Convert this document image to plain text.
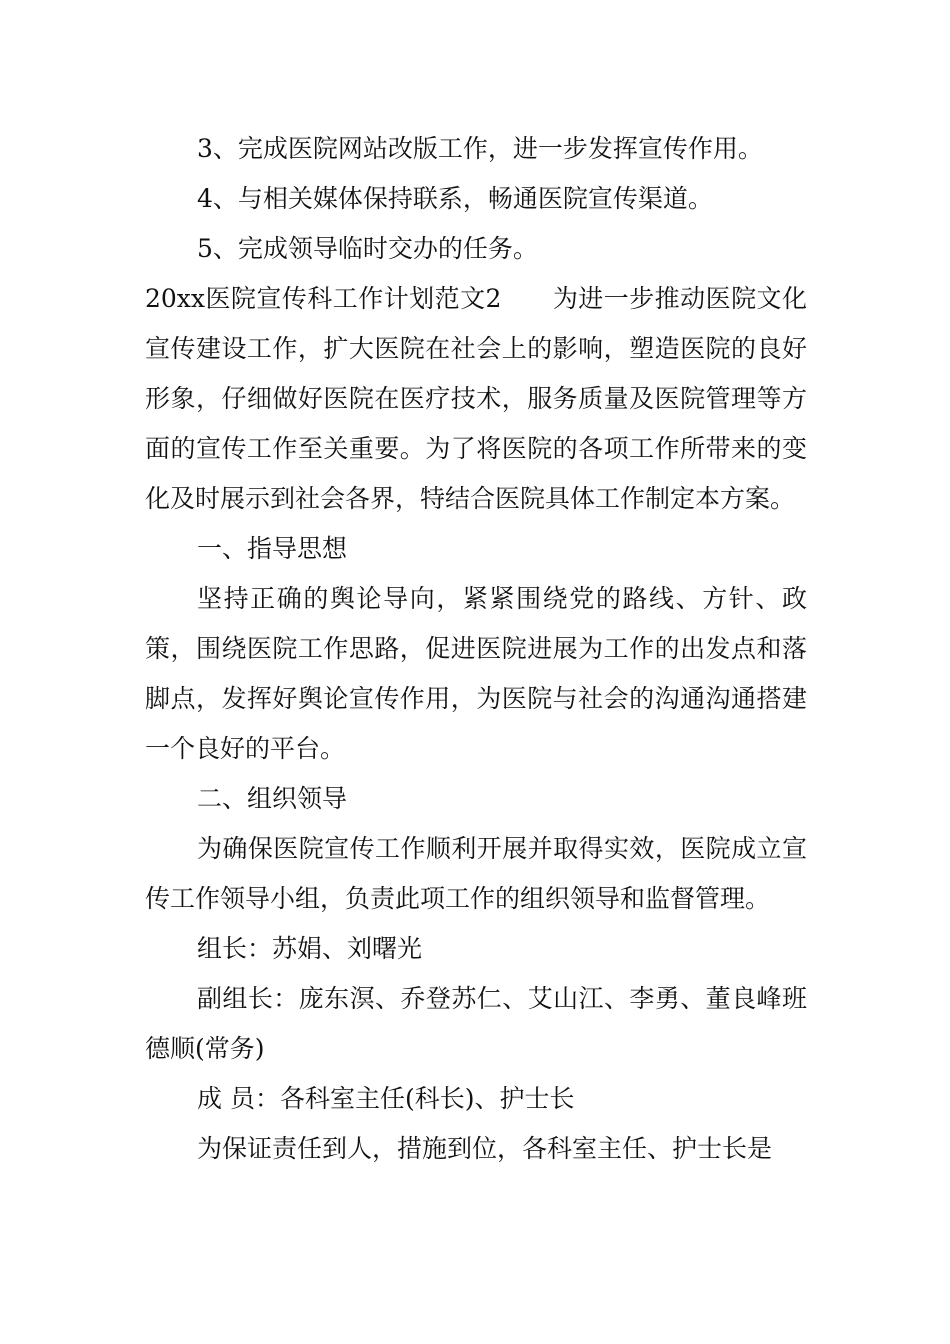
3、完成医院网站改版工作，进一步发挥宣传作用。

4、与相关媒体保持联系，畅通医院宣传渠道。

5、完成领导临时交办的任务。

20xx医院宣传科工作计划范文2　　为进一步推动医院文化宣传建设工作，扩大医院在社会上的影响，塑造医院的良好形象，仔细做好医院在医疗技术，服务质量及医院管理等方面的宣传工作至关重要。为了将医院的各项工作所带来的变化及时展示到社会各界，特结合医院具体工作制定本方案。

一、指导思想

坚持正确的舆论导向，紧紧围绕党的路线、方针、政策，围绕医院工作思路，促进医院进展为工作的出发点和落脚点，发挥好舆论宣传作用，为医院与社会的沟通沟通搭建一个良好的平台。

二、组织领导

为确保医院宣传工作顺利开展并取得实效，医院成立宣传工作领导小组，负责此项工作的组织领导和监督管理。

组长：苏娟、刘曙光

副组长：庞东溟、乔登苏仁、艾山江、李勇、董良峰班德顺(常务)

成 员：各科室主任(科长)、护士长

为保证责任到人，措施到位，各科室主任、护士长是
